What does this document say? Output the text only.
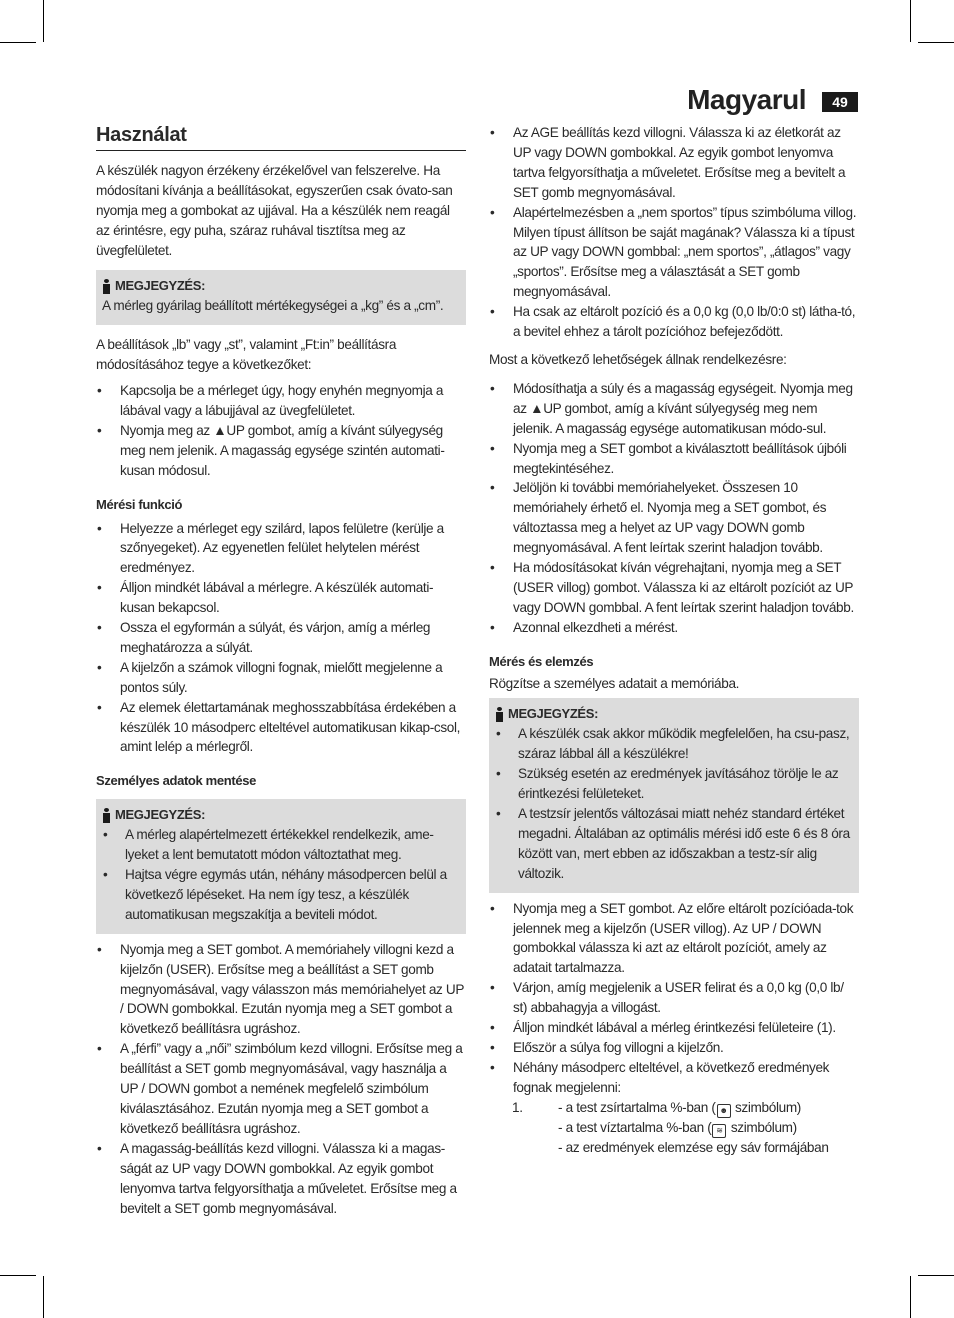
Magyarul	49
Használat

A készülék nagyon érzékeny érzékelővel van felszerelve. Ha módosítani kívánja a beállításokat, egyszerűen csak óvato-san nyomja meg a gombokat az ujjával. Ha a készülék nem reagál az érintésre, egy puha, száraz ruhával tisztítsa meg az üvegfelületet.

MEGJEGYZÉS:

A mérleg gyárilag beállított mértékegységei a „kg” és a „cm”.

A beállítások „lb” vagy „st”, valamint „Ft:in” beállításra módosításához tegye a következőket:

• Kapcsolja be a mérleget úgy, hogy enyhén megnyomja a lábával vagy a lábujjával az üvegfelületet.
• Nyomja meg az ▲UP gombot, amíg a kívánt súlyegység meg nem jelenik. A magasság egysége szintén automati-kusan módosul.

Mérési funkció

• Helyezze a mérleget egy szilárd, lapos felületre (kerülje a szőnyegeket). Az egyenetlen felület helytelen mérést eredményez.
• Álljon mindkét lábával a mérlegre. A készülék automati-kusan bekapcsol.
• Ossza el egyformán a súlyát, és várjon, amíg a mérleg meghatározza a súlyát.
• A kijelzőn a számok villogni fognak, mielőtt megjelenne a pontos súly.
• Az elemek élettartamának meghosszabbítása érdekében a készülék 10 másodperc elteltével automatikusan kikap-csol, amint lelép a mérlegről.

Személyes adatok mentése

MEGJEGYZÉS:
• A mérleg alapértelmezett értékekkel rendelkezik, ame-lyeket a lent bemutatott módon változtathat meg.
• Hajtsa végre egymás után, néhány másodpercen belül a következő lépéseket. Ha nem így tesz, a készülék automatikusan megszakítja a beviteli módot.
• Nyomja meg a SET gombot. A memóriahely villogni kezd a kijelzőn (USER). Erősítse meg a beállítást a SET gomb megnyomásával, vagy válasszon más memóriahelyet az UP / DOWN gombokkal. Ezután nyomja meg a SET gombot a következő beállításra ugráshoz.
• A „férfi” vagy a „női” szimbólum kezd villogni. Erősítse meg a beállítást a SET gomb megnyomásával, vagy használja a UP / DOWN gombot a nemének megfelelő szimbólum kiválasztásához. Ezután nyomja meg a SET gombot a következő beállításra ugráshoz.
• A magasság-beállítás kezd villogni. Válassza ki a magas-ságát az UP vagy DOWN gombokkal. Az egyik gombot lenyomva tartva felgyorsíthatja a műveletet. Erősítse meg a bevitelt a SET gomb megnyomásával.
• Az AGE beállítás kezd villogni. Válassza ki az életkorát az UP vagy DOWN gombokkal. Az egyik gombot lenyomva tartva felgyorsíthatja a műveletet. Erősítse meg a bevitelt a SET gomb megnyomásával.
• Alapértelmezésben a „nem sportos” típus szimbóluma villog. Milyen típust állítson be saját magának? Válassza ki a típust az UP vagy DOWN gombbal: „nem sportos”, „átlagos” vagy „sportos”. Erősítse meg a választását a SET gomb megnyomásával.
• Ha csak az eltárolt pozíció és a 0,0 kg (0,0 lb/0:0 st) látha-tó, a bevitel ehhez a tárolt pozícióhoz befejeződött.

Most a következő lehetőségek állnak rendelkezésre:

• Módosíthatja a súly és a magasság egységeit. Nyomja meg az ▲UP gombot, amíg a kívánt súlyegység meg nem jelenik. A magasság egysége automatikusan módo-sul.
• Nyomja meg a SET gombot a kiválasztott beállítások újbóli megtekintéséhez.
• Jelöljön ki további memóriahelyeket. Összesen 10 memóriahely érhető el. Nyomja meg a SET gombot, és változtassa meg a helyet az UP vagy DOWN gomb megnyomásával. A fent leírtak szerint haladjon tovább.
• Ha módosításokat kíván végrehajtani, nyomja meg a SET (USER villog) gombot. Válassza ki az eltárolt pozíciót az UP vagy DOWN gombbal. A fent leírtak szerint haladjon tovább.
• Azonnal elkezdheti a mérést.

Mérés és elemzés

Rögzítse a személyes adatait a memóriába.

MEGJEGYZÉS:
• A készülék csak akkor működik megfelelően, ha csu-pasz, száraz lábbal áll a készülékre!
• Szükség esetén az eredmények javításához törölje le az érintkezési felületeket.
• A testzsír jelentős változásai miatt nehéz standard értéket megadni. Általában az optimális mérési idő este 6 és 8 óra között van, mert ebben az időszakban a testz-sír alig változik.
• Nyomja meg a SET gombot. Az előre eltárolt pozícióada-tok jelennek meg a kijelzőn (USER villog). Az UP / DOWN gombokkal válassza ki azt az eltárolt pozíciót, amely az adatait tartalmazza.
• Várjon, amíg megjelenik a USER felirat és a 0,0 kg (0,0 lb/ st) abbahagyja a villogást.
• Álljon mindkét lábával a mérleg érintkezési felületeire (1).
• Először a súlya fog villogni a kijelzőn.
• Néhány másodperc elteltével, a következő eredmények fognak megjelenni:
1.	- a test zsírtartalma %-ban ( ☻ szimbólum)
- a test víztartalma %-ban ( ≋ szimbólum)
- az eredmények elemzése egy sáv formájában
